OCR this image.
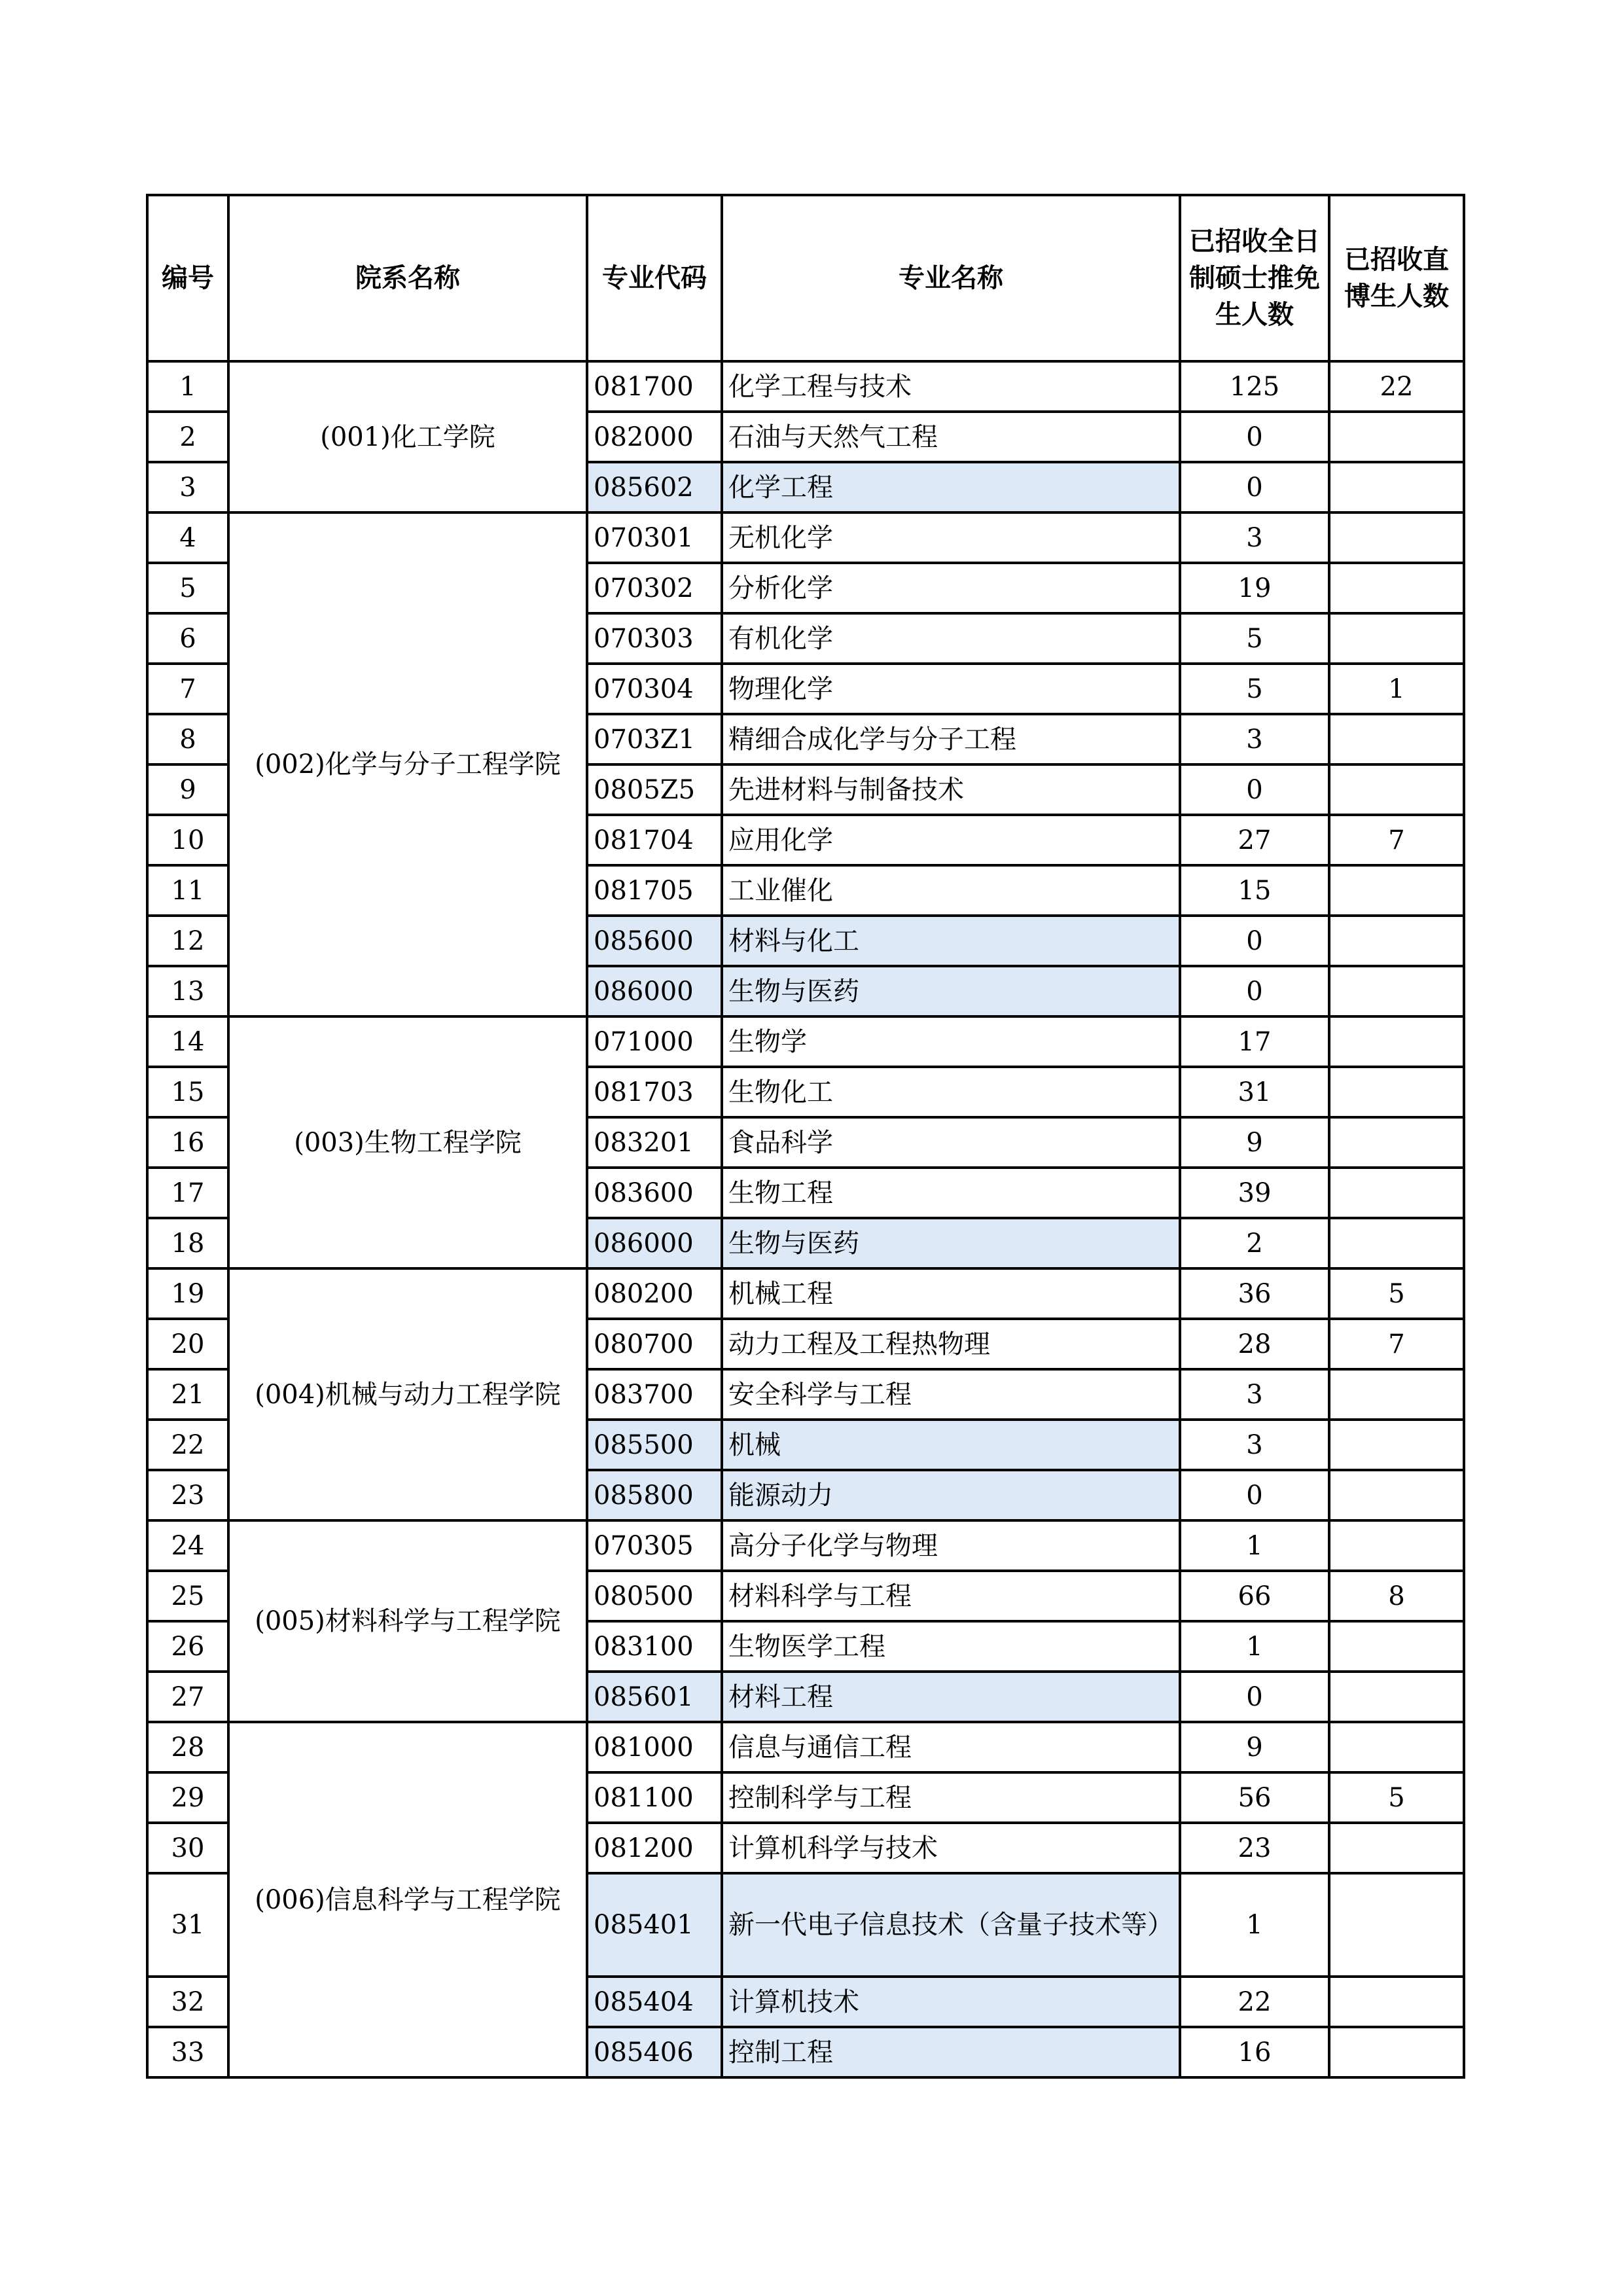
编号	院系名称	专业代码	专业名称	已招收全日制硕士推免生人数	已招收直博生人数
1	(001)化工学院	081700	化学工程与技术	125	22
2		082000	石油与天然气工程	0	
3		085602	化学工程	0	
4	(002)化学与分子工程学院	070301	无机化学	3	
5		070302	分析化学	19	
6		070303	有机化学	5	
7		070304	物理化学	5	1
8		0703Z1	精细合成化学与分子工程	3	
9		0805Z5	先进材料与制备技术	0	
10		081704	应用化学	27	7
11		081705	工业催化	15	
12		085600	材料与化工	0	
13		086000	生物与医药	0	
14	(003)生物工程学院	071000	生物学	17	
15		081703	生物化工	31	
16		083201	食品科学	9	
17		083600	生物工程	39	
18		086000	生物与医药	2	
19	(004)机械与动力工程学院	080200	机械工程	36	5
20		080700	动力工程及工程热物理	28	7
21		083700	安全科学与工程	3	
22		085500	机械	3	
23		085800	能源动力	0	
24	(005)材料科学与工程学院	070305	高分子化学与物理	1	
25		080500	材料科学与工程	66	8
26		083100	生物医学工程	1	
27		085601	材料工程	0	
28	(006)信息科学与工程学院	081000	信息与通信工程	9	
29		081100	控制科学与工程	56	5
30		081200	计算机科学与技术	23	
31		085401	新一代电子信息技术（含量子技术等）	1	
32		085404	计算机技术	22	
33		085406	控制工程	16	
